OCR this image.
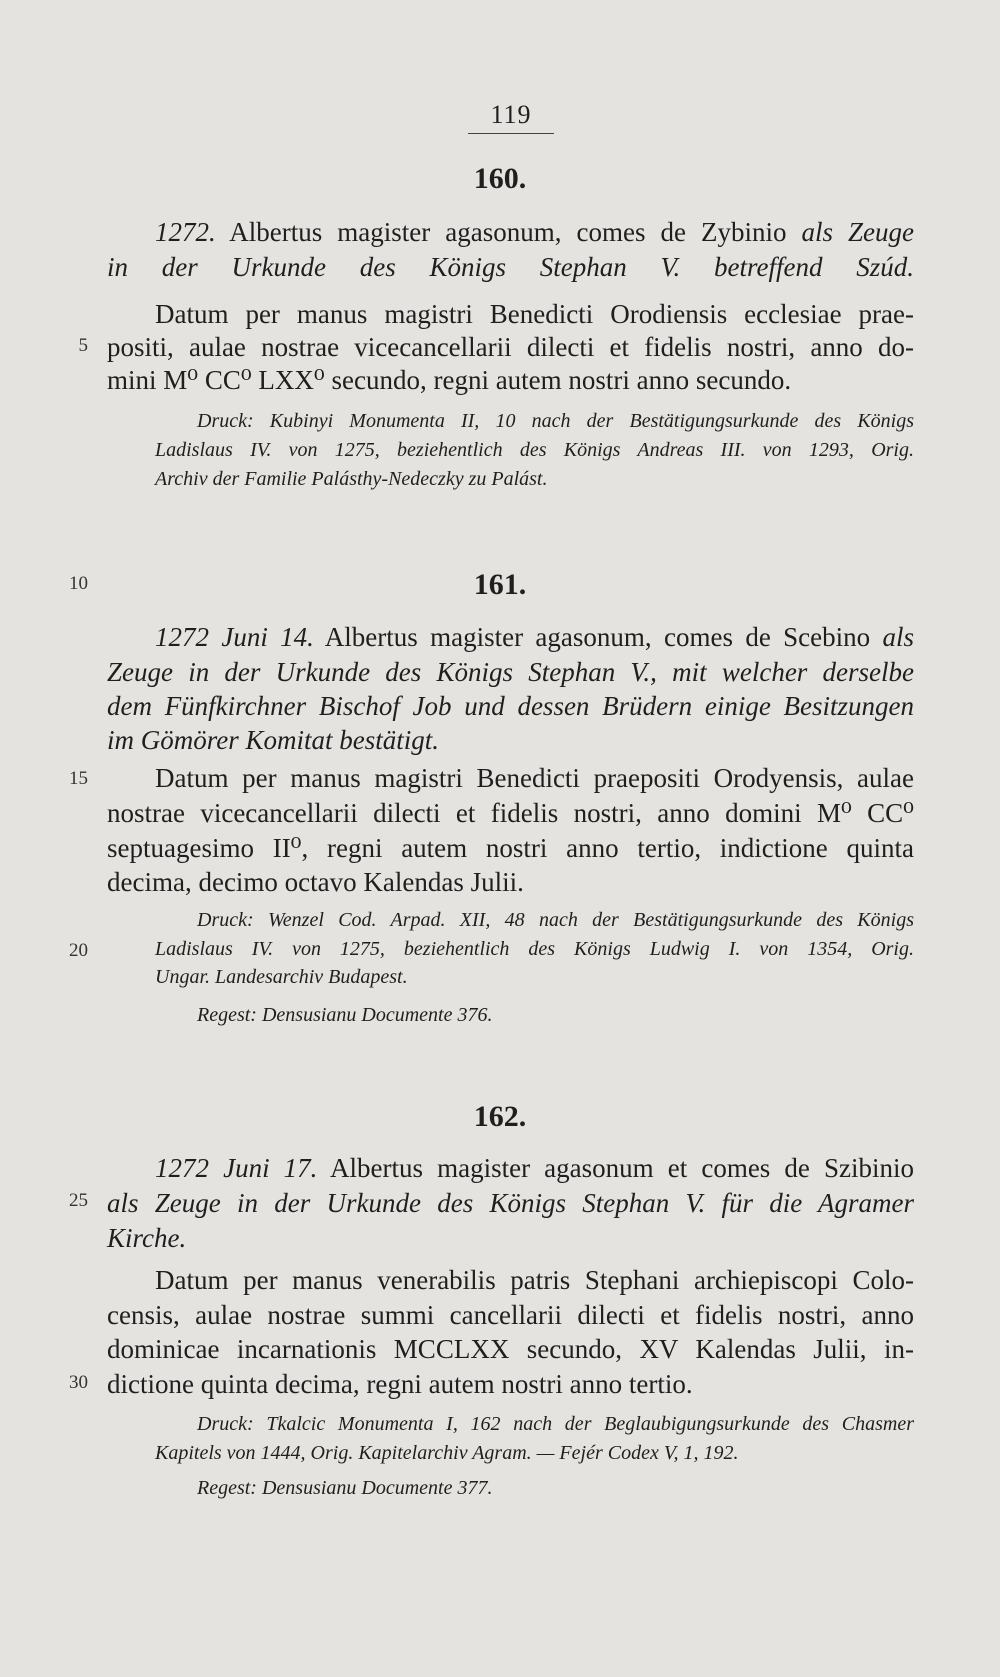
119
5
10
15
20
25
30
160.
1272. Albertus magister agasonum, comes de Zybinio als Zeuge
in der Urkunde des Königs Stephan V. betreffend Szúd.
Datum per manus magistri Benedicti Orodiensis ecclesiae prae-
positi, aulae nostrae vicecancellarii dilecti et fidelis nostri, anno do-
mini M⁰ CC⁰ LXX⁰ secundo, regni autem nostri anno secundo.
Druck: Kubinyi Monumenta II, 10 nach der Bestätigungsurkunde des Königs
Ladislaus IV. von 1275, beziehentlich des Königs Andreas III. von 1293, Orig.
Archiv der Familie Palásthy-Nedeczky zu Palást.
161.
1272 Juni 14. Albertus magister agasonum, comes de Scebino als
Zeuge in der Urkunde des Königs Stephan V., mit welcher derselbe
dem Fünfkirchner Bischof Job und dessen Brüdern einige Besitzungen
im Gömörer Komitat bestätigt.
Datum per manus magistri Benedicti praepositi Orodyensis, aulae
nostrae vicecancellarii dilecti et fidelis nostri, anno domini M⁰ CC⁰
septuagesimo II⁰, regni autem nostri anno tertio, indictione quinta
decima, decimo octavo Kalendas Julii.
Druck: Wenzel Cod. Arpad. XII, 48 nach der Bestätigungsurkunde des Königs
Ladislaus IV. von 1275, beziehentlich des Königs Ludwig I. von 1354, Orig.
Ungar. Landesarchiv Budapest.
Regest: Densusianu Documente 376.
162.
1272 Juni 17. Albertus magister agasonum et comes de Szibinio
als Zeuge in der Urkunde des Königs Stephan V. für die Agramer
Kirche.
Datum per manus venerabilis patris Stephani archiepiscopi Colo-
censis, aulae nostrae summi cancellarii dilecti et fidelis nostri, anno
dominicae incarnationis MCCLXX secundo, XV Kalendas Julii, in-
dictione quinta decima, regni autem nostri anno tertio.
Druck: Tkalcic Monumenta I, 162 nach der Beglaubigungsurkunde des Chasmer
Kapitels von 1444, Orig. Kapitelarchiv Agram. — Fejér Codex V, 1, 192.
Regest: Densusianu Documente 377.
